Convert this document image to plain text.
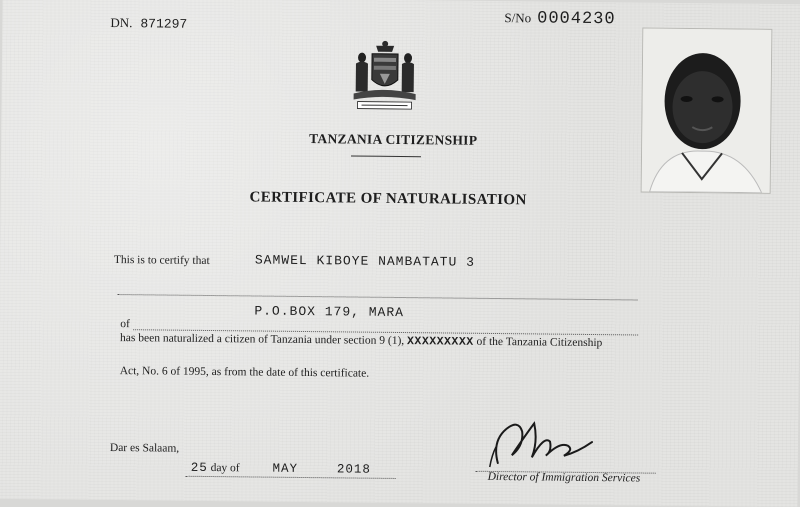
DN. 871297	S/No 0004230
TANZANIA CITIZENSHIP
CERTIFICATE OF NATURALISATION
This is to certify that	SAMWEL KIBOYE NAMBATATU 3
P.O.BOX 179, MARA
of
has been naturalized a citizen of Tanzania under section 9 (1), XXXXXXXXX of the Tanzania Citizenship
Act, No. 6 of 1995, as from the date of this certificate.
Dar es Salaam,
25 day of	MAY	2018
Director of Immigration Services
